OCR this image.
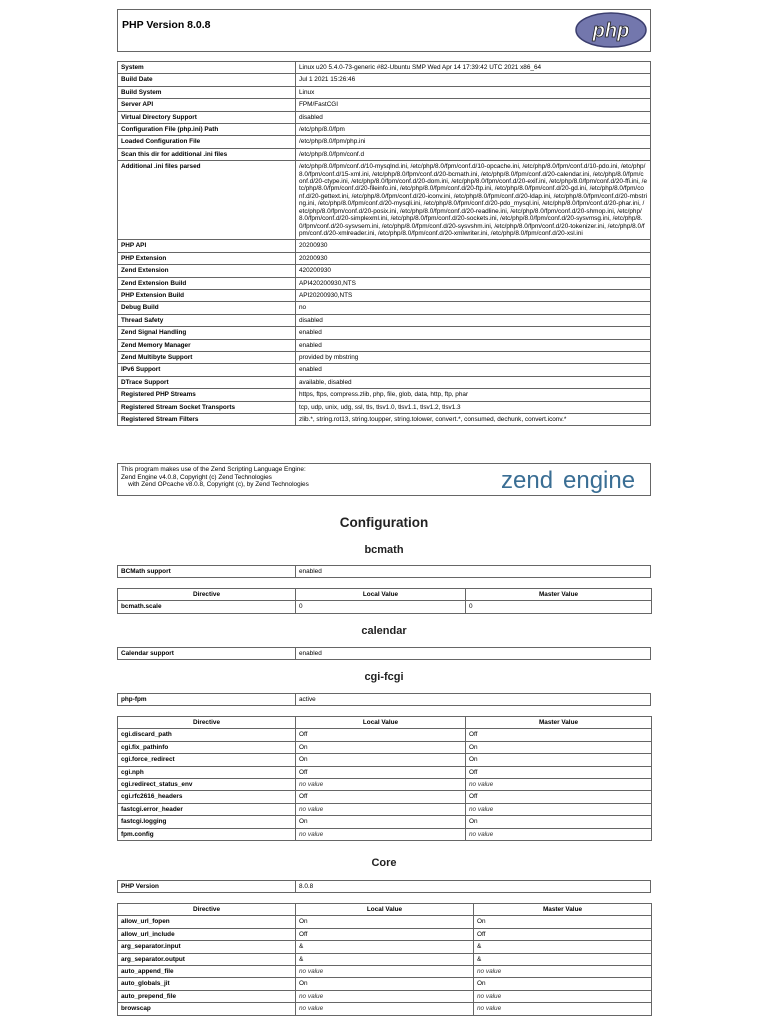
PHP Version 8.0.8	php
System	Linux u20 5.4.0-73-generic #82-Ubuntu SMP Wed Apr 14 17:39:42 UTC 2021 x86_64
Build Date	Jul 1 2021 15:26:46
Build System	Linux
Server API	FPM/FastCGI
Virtual Directory Support	disabled
Configuration File (php.ini) Path	/etc/php/8.0/fpm
Loaded Configuration File	/etc/php/8.0/fpm/php.ini
Scan this dir for additional .ini files	/etc/php/8.0/fpm/conf.d
Additional .ini files parsed	/etc/php/8.0/fpm/conf.d/10-mysqlnd.ini, /etc/php/8.0/fpm/conf.d/10-opcache.ini, /etc/php/8.0/fpm/conf.d/10-pdo.ini, /etc/php/8.0/fpm/conf.d/15-xml.ini, /etc/php/8.0/fpm/conf.d/20-bcmath.ini, /etc/php/8.0/fpm/conf.d/20-calendar.ini, /etc/php/8.0/fpm/conf.d/20-ctype.ini, /etc/php/8.0/fpm/conf.d/20-dom.ini, /etc/php/8.0/fpm/conf.d/20-exif.ini, /etc/php/8.0/fpm/conf.d/20-ffi.ini, /etc/php/8.0/fpm/conf.d/20-fileinfo.ini, /etc/php/8.0/fpm/conf.d/20-ftp.ini, /etc/php/8.0/fpm/conf.d/20-gd.ini, /etc/php/8.0/fpm/conf.d/20-gettext.ini, /etc/php/8.0/fpm/conf.d/20-iconv.ini, /etc/php/8.0/fpm/conf.d/20-ldap.ini, /etc/php/8.0/fpm/conf.d/20-mbstring.ini, /etc/php/8.0/fpm/conf.d/20-mysqli.ini, /etc/php/8.0/fpm/conf.d/20-pdo_mysql.ini, /etc/php/8.0/fpm/conf.d/20-phar.ini, /etc/php/8.0/fpm/conf.d/20-posix.ini, /etc/php/8.0/fpm/conf.d/20-readline.ini, /etc/php/8.0/fpm/conf.d/20-shmop.ini, /etc/php/8.0/fpm/conf.d/20-simplexml.ini, /etc/php/8.0/fpm/conf.d/20-sockets.ini, /etc/php/8.0/fpm/conf.d/20-sysvmsg.ini, /etc/php/8.0/fpm/conf.d/20-sysvsem.ini, /etc/php/8.0/fpm/conf.d/20-sysvshm.ini, /etc/php/8.0/fpm/conf.d/20-tokenizer.ini, /etc/php/8.0/fpm/conf.d/20-xmlreader.ini, /etc/php/8.0/fpm/conf.d/20-xmlwriter.ini, /etc/php/8.0/fpm/conf.d/20-xsl.ini
PHP API	20200930
PHP Extension	20200930
Zend Extension	420200930
Zend Extension Build	API420200930,NTS
PHP Extension Build	API20200930,NTS
Debug Build	no
Thread Safety	disabled
Zend Signal Handling	enabled
Zend Memory Manager	enabled
Zend Multibyte Support	provided by mbstring
IPv6 Support	enabled
DTrace Support	available, disabled
Registered PHP Streams	https, ftps, compress.zlib, php, file, glob, data, http, ftp, phar
Registered Stream Socket Transports	tcp, udp, unix, udg, ssl, tls, tlsv1.0, tlsv1.1, tlsv1.2, tlsv1.3
Registered Stream Filters	zlib.*, string.rot13, string.toupper, string.tolower, convert.*, consumed, dechunk, convert.iconv.*
This program makes use of the Zend Scripting Language Engine:
Zend Engine v4.0.8, Copyright (c) Zend Technologies
with Zend OPcache v8.0.8, Copyright (c), by Zend Technologies	zend engine
Configuration
bcmath
BCMath support	enabled
Directive	Local Value	Master Value
bcmath.scale	0	0
calendar
Calendar support	enabled
cgi-fcgi
php-fpm	active
Directive	Local Value	Master Value
cgi.discard_path	Off	Off
cgi.fix_pathinfo	On	On
cgi.force_redirect	On	On
cgi.nph	Off	Off
cgi.redirect_status_env	no value	no value
cgi.rfc2616_headers	Off	Off
fastcgi.error_header	no value	no value
fastcgi.logging	On	On
fpm.config	no value	no value
Core
PHP Version	8.0.8
Directive	Local Value	Master Value
allow_url_fopen	On	On
allow_url_include	Off	Off
arg_separator.input	&	&
arg_separator.output	&	&
auto_append_file	no value	no value
auto_globals_jit	On	On
auto_prepend_file	no value	no value
browscap	no value	no value
